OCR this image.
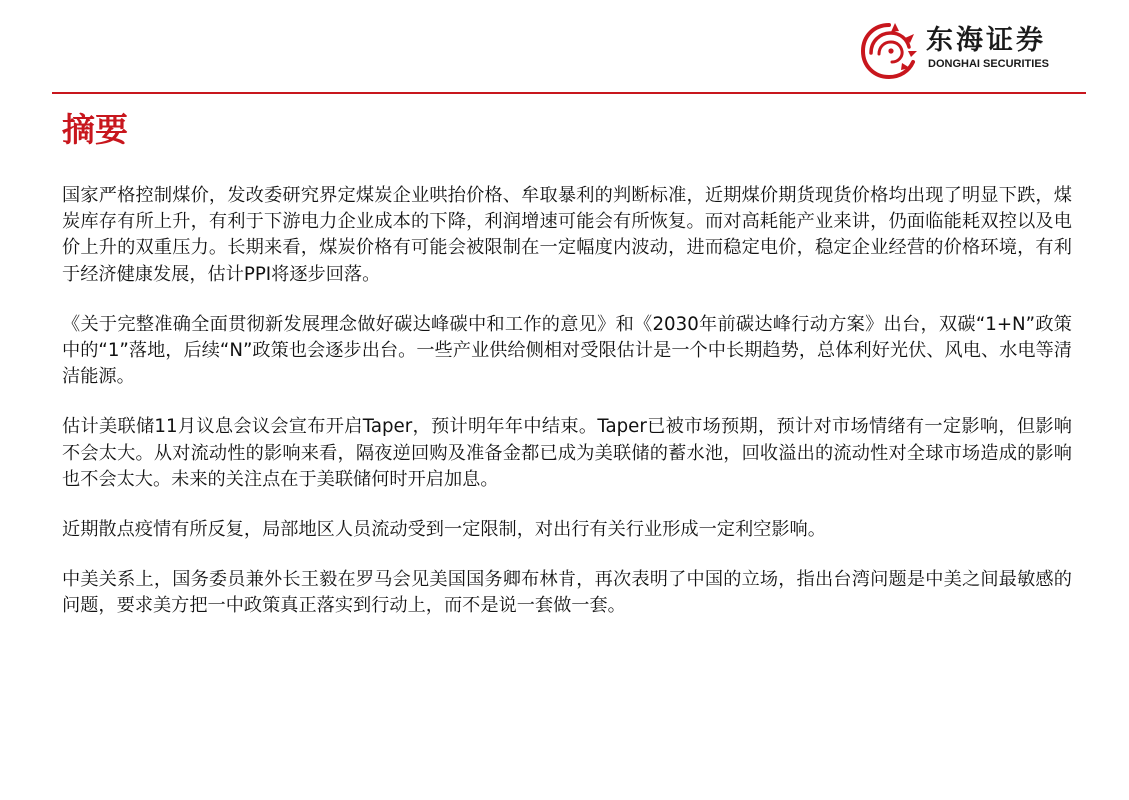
东海证券
DONGHAI SECURITIES
摘要

国家严格控制煤价，发改委研究界定煤炭企业哄抬价格、牟取暴利的判断标准，近期煤价期货现货价格均出现了明显下跌，煤炭库存有所上升，有利于下游电力企业成本的下降，利润增速可能会有所恢复。而对高耗能产业来讲，仍面临能耗双控以及电价上升的双重压力。长期来看，煤炭价格有可能会被限制在一定幅度内波动，进而稳定电价，稳定企业经营的价格环境，有利于经济健康发展，估计PPI将逐步回落。

《关于完整准确全面贯彻新发展理念做好碳达峰碳中和工作的意见》和《2030年前碳达峰行动方案》出台，双碳“1+N”政策中的“1”落地，后续“N”政策也会逐步出台。一些产业供给侧相对受限估计是一个中长期趋势，总体利好光伏、风电、水电等清洁能源。

估计美联储11月议息会议会宣布开启Taper，预计明年年中结束。Taper已被市场预期，预计对市场情绪有一定影响，但影响不会太大。从对流动性的影响来看，隔夜逆回购及准备金都已成为美联储的蓄水池，回收溢出的流动性对全球市场造成的影响也不会太大。未来的关注点在于美联储何时开启加息。

近期散点疫情有所反复，局部地区人员流动受到一定限制，对出行有关行业形成一定利空影响。

中美关系上，国务委员兼外长王毅在罗马会见美国国务卿布林肯，再次表明了中国的立场，指出台湾问题是中美之间最敏感的问题，要求美方把一中政策真正落实到行动上，而不是说一套做一套。
